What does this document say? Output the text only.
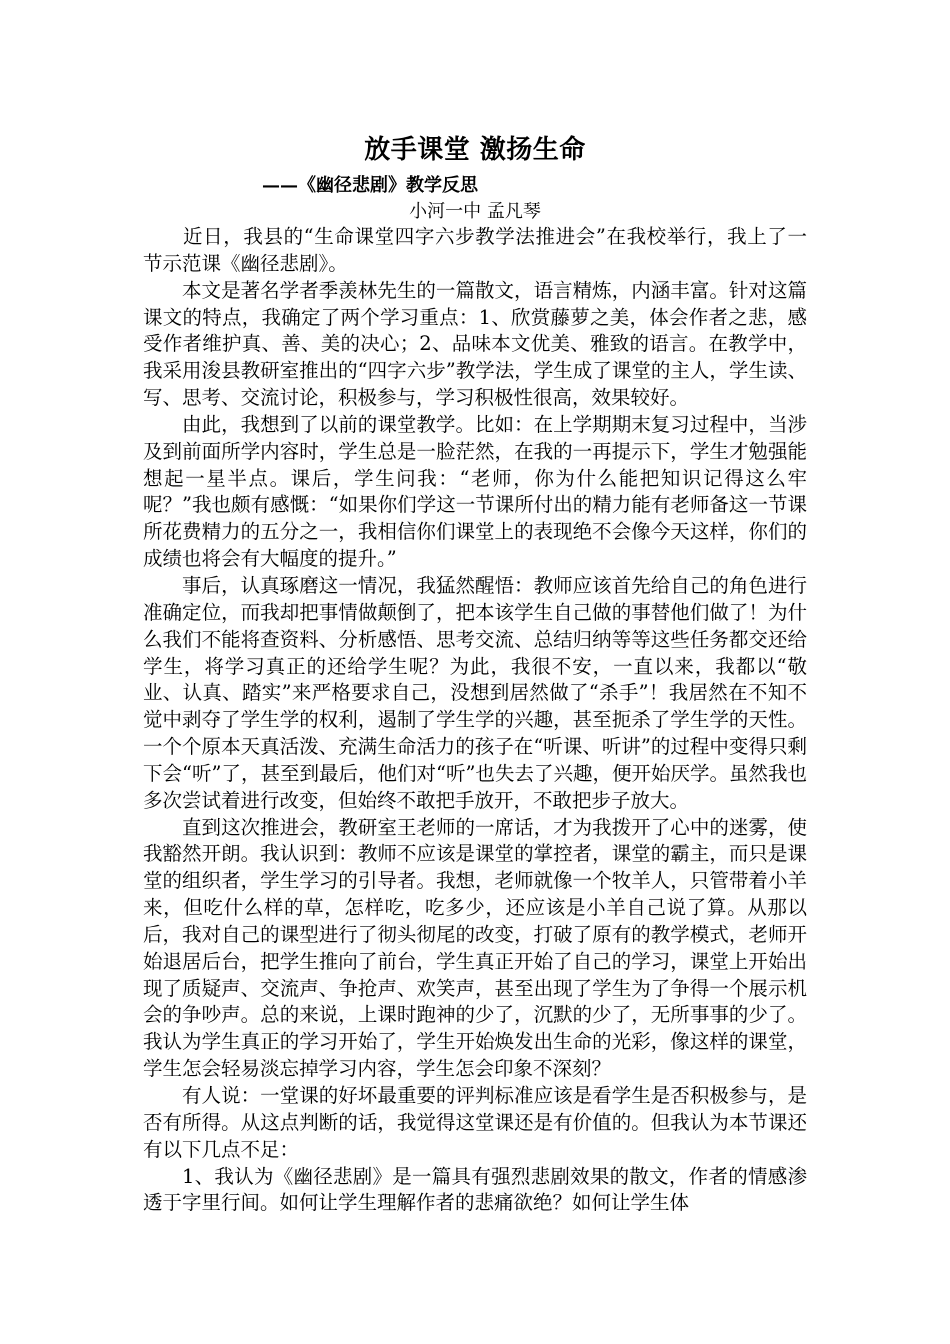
放手课堂 激扬生命
——《幽径悲剧》教学反思
小河一中 孟凡琴

近日，我县的“生命课堂四字六步教学法推进会”在我校举行，我上了一节示范课《幽径悲剧》。

本文是著名学者季羡林先生的一篇散文，语言精炼，内涵丰富。针对这篇课文的特点，我确定了两个学习重点：1、欣赏藤萝之美，体会作者之悲，感受作者维护真、善、美的决心；2、品味本文优美、雅致的语言。在教学中，我采用浚县教研室推出的“四字六步”教学法，学生成了课堂的主人，学生读、写、思考、交流讨论，积极参与，学习积极性很高，效果较好。

由此，我想到了以前的课堂教学。比如：在上学期期末复习过程中，当涉及到前面所学内容时，学生总是一脸茫然，在我的一再提示下，学生才勉强能想起一星半点。课后，学生问我：“老师，你为什么能把知识记得这么牢呢？”我也颇有感慨：“如果你们学这一节课所付出的精力能有老师备这一节课所花费精力的五分之一，我相信你们课堂上的表现绝不会像今天这样，你们的成绩也将会有大幅度的提升。”

事后，认真琢磨这一情况，我猛然醒悟：教师应该首先给自己的角色进行准确定位，而我却把事情做颠倒了，把本该学生自己做的事替他们做了！为什么我们不能将查资料、分析感悟、思考交流、总结归纳等等这些任务都交还给学生，将学习真正的还给学生呢？为此，我很不安，一直以来，我都以“敬业、认真、踏实”来严格要求自己，没想到居然做了“杀手”！我居然在不知不觉中剥夺了学生学的权利，遏制了学生学的兴趣，甚至扼杀了学生学的天性。一个个原本天真活泼、充满生命活力的孩子在“听课、听讲”的过程中变得只剩下会“听”了，甚至到最后，他们对“听”也失去了兴趣，便开始厌学。虽然我也多次尝试着进行改变，但始终不敢把手放开，不敢把步子放大。

直到这次推进会，教研室王老师的一席话，才为我拨开了心中的迷雾，使我豁然开朗。我认识到：教师不应该是课堂的掌控者，课堂的霸主，而只是课堂的组织者，学生学习的引导者。我想，老师就像一个牧羊人，只管带着小羊来，但吃什么样的草，怎样吃，吃多少，还应该是小羊自己说了算。从那以后，我对自己的课型进行了彻头彻尾的改变，打破了原有的教学模式，老师开始退居后台，把学生推向了前台，学生真正开始了自己的学习，课堂上开始出现了质疑声、交流声、争抢声、欢笑声，甚至出现了学生为了争得一个展示机会的争吵声。总的来说，上课时跑神的少了，沉默的少了，无所事事的少了。我认为学生真正的学习开始了，学生开始焕发出生命的光彩，像这样的课堂，学生怎会轻易淡忘掉学习内容，学生怎会印象不深刻？

有人说：一堂课的好坏最重要的评判标准应该是看学生是否积极参与，是否有所得。从这点判断的话，我觉得这堂课还是有价值的。但我认为本节课还有以下几点不足：

1、我认为《幽径悲剧》是一篇具有强烈悲剧效果的散文，作者的情感渗透于字里行间。如何让学生理解作者的悲痛欲绝？如何让学生体
